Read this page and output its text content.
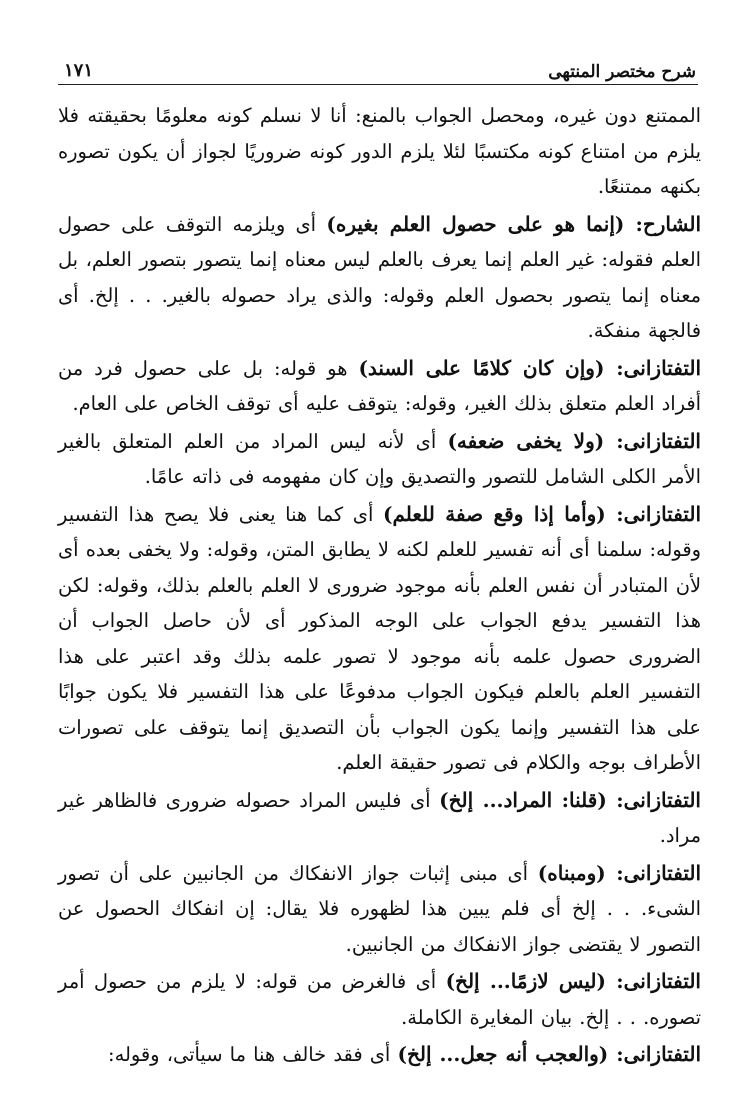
شرح مختصر المنتهى
١٧١

الممتنع دون غيره، ومحصل الجواب بالمنع: أنا لا نسلم كونه معلومًا بحقيقته فلا يلزم من امتناع كونه مكتسبًا لئلا يلزم الدور كونه ضروريًا لجواز أن يكون تصوره بكنهه ممتنعًا.

الشارح: (إنما هو على حصول العلم بغيره) أى ويلزمه التوقف على حصول العلم فقوله: غير العلم إنما يعرف بالعلم ليس معناه إنما يتصور بتصور العلم، بل معناه إنما يتصور بحصول العلم وقوله: والذى يراد حصوله بالغير. . . إلخ. أى فالجهة منفكة.

التفتازانى: (وإن كان كلامًا على السند) هو قوله: بل على حصول فرد من أفراد العلم متعلق بذلك الغير، وقوله: يتوقف عليه أى توقف الخاص على العام.

التفتازانى: (ولا يخفى ضعفه) أى لأنه ليس المراد من العلم المتعلق بالغير الأمر الكلى الشامل للتصور والتصديق وإن كان مفهومه فى ذاته عامًا.

التفتازانى: (وأما إذا وقع صفة للعلم) أى كما هنا يعنى فلا يصح هذا التفسير وقوله: سلمنا أى أنه تفسير للعلم لكنه لا يطابق المتن، وقوله: ولا يخفى بعده أى لأن المتبادر أن نفس العلم بأنه موجود ضرورى لا العلم بالعلم بذلك، وقوله: لكن هذا التفسير يدفع الجواب على الوجه المذكور أى لأن حاصل الجواب أن الضرورى حصول علمه بأنه موجود لا تصور علمه بذلك وقد اعتبر على هذا التفسير العلم بالعلم فيكون الجواب مدفوعًا على هذا التفسير فلا يكون جوابًا على هذا التفسير وإنما يكون الجواب بأن التصديق إنما يتوقف على تصورات الأطراف بوجه والكلام فى تصور حقيقة العلم.

التفتازانى: (قلنا: المراد... إلخ) أى فليس المراد حصوله ضرورى فالظاهر غير مراد.

التفتازانى: (ومبناه) أى مبنى إثبات جواز الانفكاك من الجانبين على أن تصور الشىء. . . إلخ أى فلم يبين هذا لظهوره فلا يقال: إن انفكاك الحصول عن التصور لا يقتضى جواز الانفكاك من الجانبين.

التفتازانى: (ليس لازمًا... إلخ) أى فالغرض من قوله: لا يلزم من حصول أمر تصوره. . . إلخ. بيان المغايرة الكاملة.

التفتازانى: (والعجب أنه جعل... إلخ) أى فقد خالف هنا ما سيأتى، وقوله:
